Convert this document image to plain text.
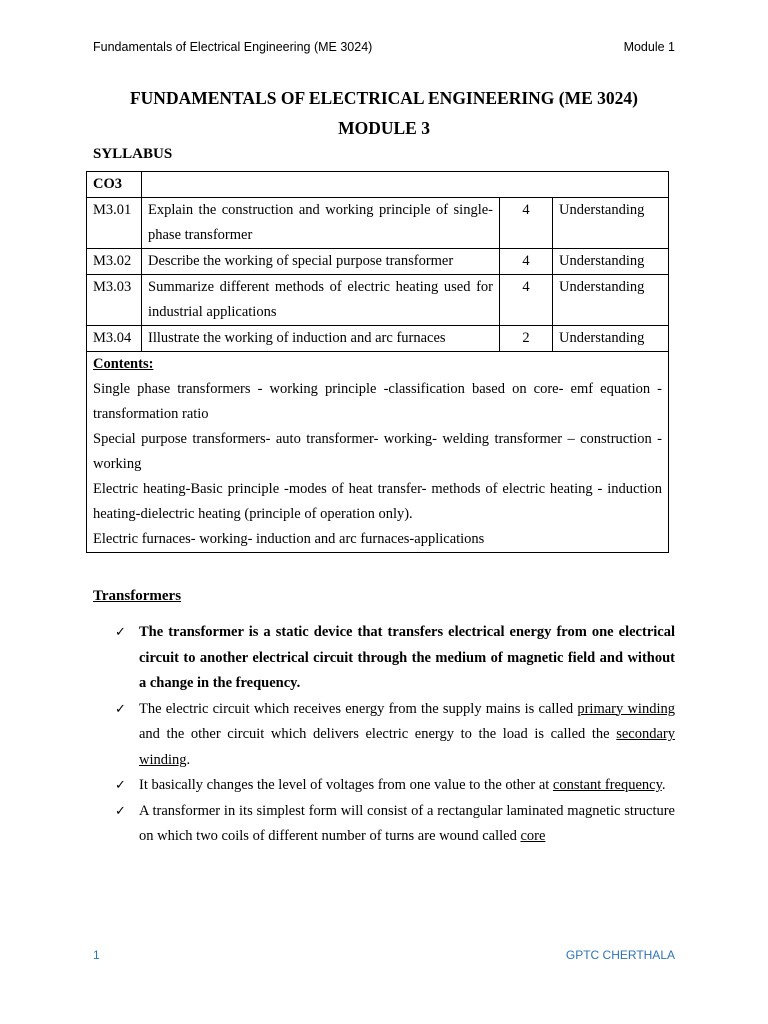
Fundamentals of Electrical Engineering (ME 3024)	Module 1
FUNDAMENTALS OF ELECTRICAL ENGINEERING (ME 3024)
MODULE 3
SYLLABUS
CO3			
M3.01	Explain the construction and working principle of single-phase transformer	4	Understanding
M3.02	Describe the working of special purpose transformer	4	Understanding
M3.03	Summarize different methods of electric heating used for industrial applications	4	Understanding
M3.04	Illustrate the working of induction and arc furnaces	2	Understanding

Contents:
Single phase transformers - working principle -classification based on core- emf equation - transformation ratio
Special purpose transformers- auto transformer- working- welding transformer – construction - working
Electric heating-Basic principle -modes of heat transfer- methods of electric heating - induction heating-dielectric heating (principle of operation only).
Electric furnaces- working- induction and arc furnaces-applications			
Transformers
✓ The transformer is a static device that transfers electrical energy from one electrical circuit to another electrical circuit through the medium of magnetic field and without a change in the frequency.
✓ The electric circuit which receives energy from the supply mains is called primary winding and the other circuit which delivers electric energy to the load is called the secondary winding.
✓ It basically changes the level of voltages from one value to the other at constant frequency.
✓ A transformer in its simplest form will consist of a rectangular laminated magnetic structure on which two coils of different number of turns are wound called core
1	GPTC CHERTHALA
